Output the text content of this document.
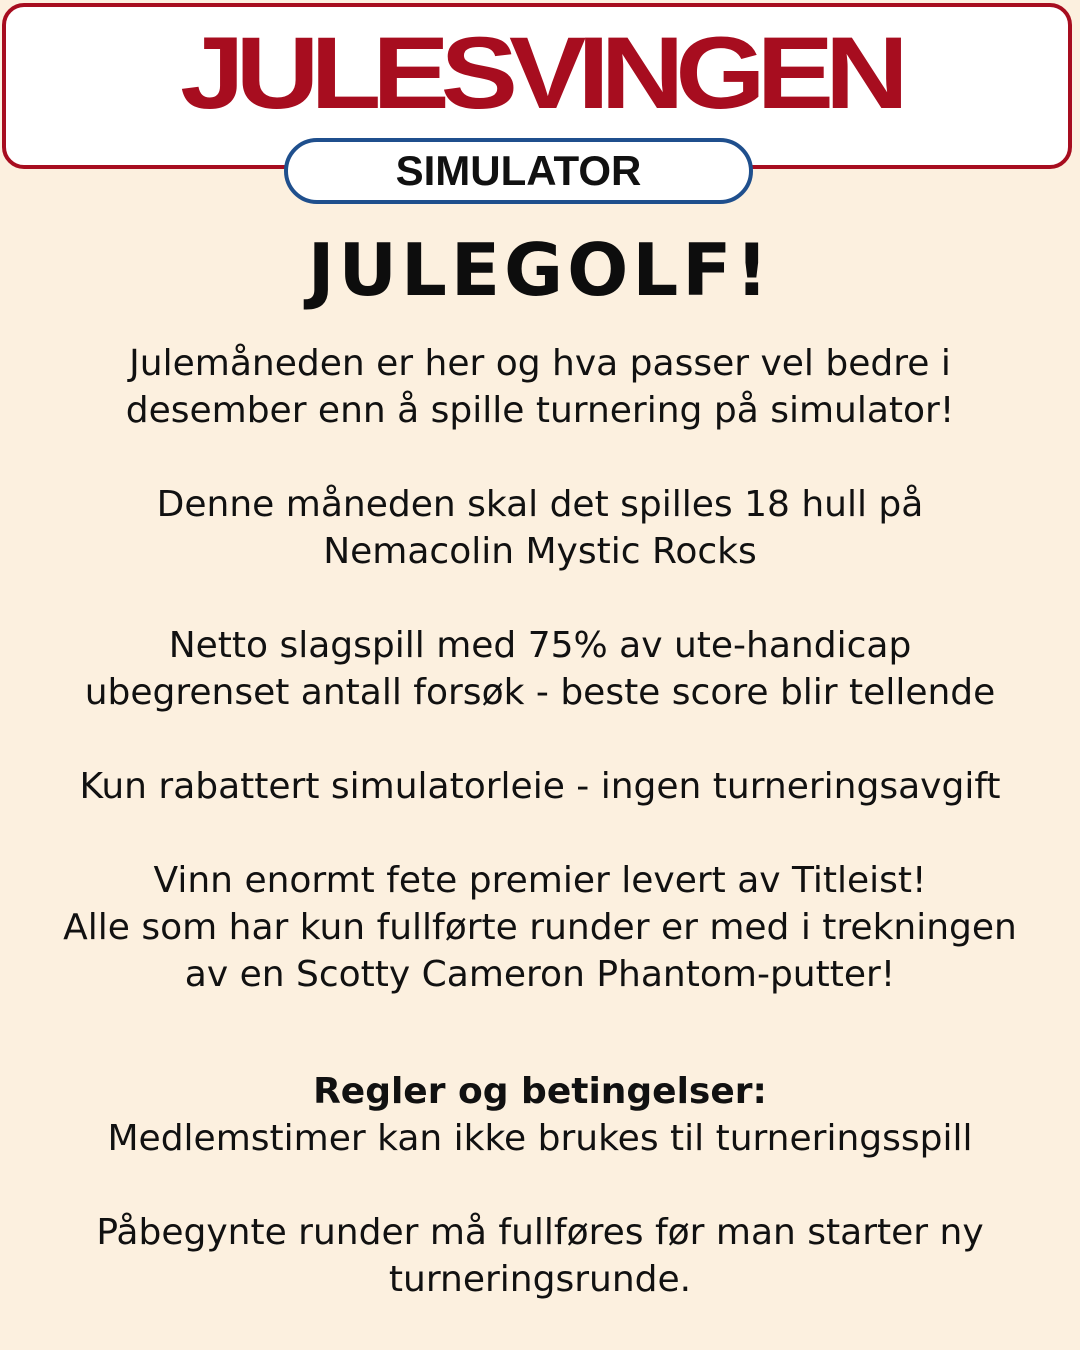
JULESVINGEN
SIMULATOR
JULEGOLF!

Julemåneden er her og hva passer vel bedre i
desember enn å spille turnering på simulator!

Denne måneden skal det spilles 18 hull på
Nemacolin Mystic Rocks

Netto slagspill med 75% av ute-handicap
ubegrenset antall forsøk - beste score blir tellende

Kun rabattert simulatorleie - ingen turneringsavgift

Vinn enormt fete premier levert av Titleist!
Alle som har kun fullførte runder er med i trekningen
av en Scotty Cameron Phantom-putter!

Regler og betingelser:
Medlemstimer kan ikke brukes til turneringsspill

Påbegynte runder må fullføres før man starter ny
turneringsrunde.
